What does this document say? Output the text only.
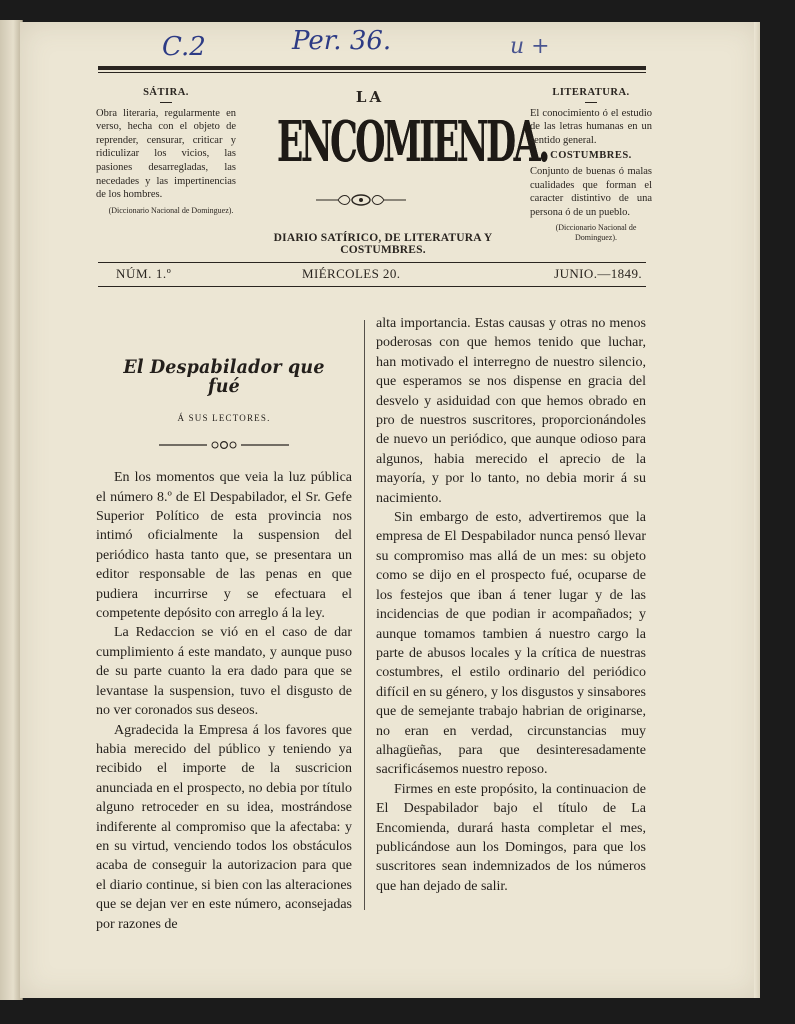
C.2	Per. 36.	u +
SÁTIRA.
Obra literaria, regularmente en verso, hecha con el objeto de reprender, censurar, criticar y ridiculizar los vicios, las pasiones desarregladas, las necedades y las impertinencias de los hombres.
(Diccionario Nacional de Dominguez).
LA
ENCOMIENDA.
DIARIO SATÍRICO, DE LITERATURA Y COSTUMBRES.
LITERATURA.
El conocimiento ó el estudio de las letras humanas en un sentido general.
COSTUMBRES.
Conjunto de buenas ó malas cualidades que forman el caracter distintivo de una persona ó de un pueblo.
(Diccionario Nacional de Dominguez).
NÚM. 1.º	MIÉRCOLES 20.	JUNIO.—1849.
El Despabilador que fué
Á SUS LECTORES.

En los momentos que veia la luz pública el número 8.º de El Despabilador, el Sr. Gefe Superior Político de esta provincia nos intimó oficialmente la suspension del periódico hasta tanto que, se presentara un editor responsable de las penas en que pudiera incurrirse y se efectuara el competente depósito con arreglo á la ley.

La Redaccion se vió en el caso de dar cumplimiento á este mandato, y aunque puso de su parte cuanto la era dado para que se levantase la suspension, tuvo el disgusto de no ver coronados sus deseos.

Agradecida la Empresa á los favores que habia merecido del público y teniendo ya recibido el importe de la suscricion anunciada en el prospecto, no debia por título alguno retroceder en su idea, mostrándose indiferente al compromiso que la afectaba: y en su virtud, venciendo todos los obstáculos acaba de conseguir la autorizacion para que el diario continue, si bien con las alteraciones que se dejan ver en este número, aconsejadas por razones de

alta importancia. Estas causas y otras no menos poderosas con que hemos tenido que luchar, han motivado el interregno de nuestro silencio, que esperamos se nos dispense en gracia del desvelo y asiduidad con que hemos obrado en pro de nuestros suscritores, proporcionándoles de nuevo un periódico, que aunque odioso para algunos, habia merecido el aprecio de la mayoría, y por lo tanto, no debia morir á su nacimiento.

Sin embargo de esto, advertiremos que la empresa de El Despabilador nunca pensó llevar su compromiso mas allá de un mes: su objeto como se dijo en el prospecto fué, ocuparse de los festejos que iban á tener lugar y de las incidencias de que podian ir acompañados; y aunque tomamos tambien á nuestro cargo la parte de abusos locales y la crítica de nuestras costumbres, el estilo ordinario del periódico difícil en su género, y los disgustos y sinsabores que de semejante trabajo habrian de originarse, no eran en verdad, circunstancias muy alhagüeñas, para que desinteresadamente sacrificásemos nuestro reposo.

Firmes en este propósito, la continuacion de El Despabilador bajo el título de La Encomienda, durará hasta completar el mes, publicándose aun los Domingos, para que los suscritores sean indemnizados de los números que han dejado de salir.
